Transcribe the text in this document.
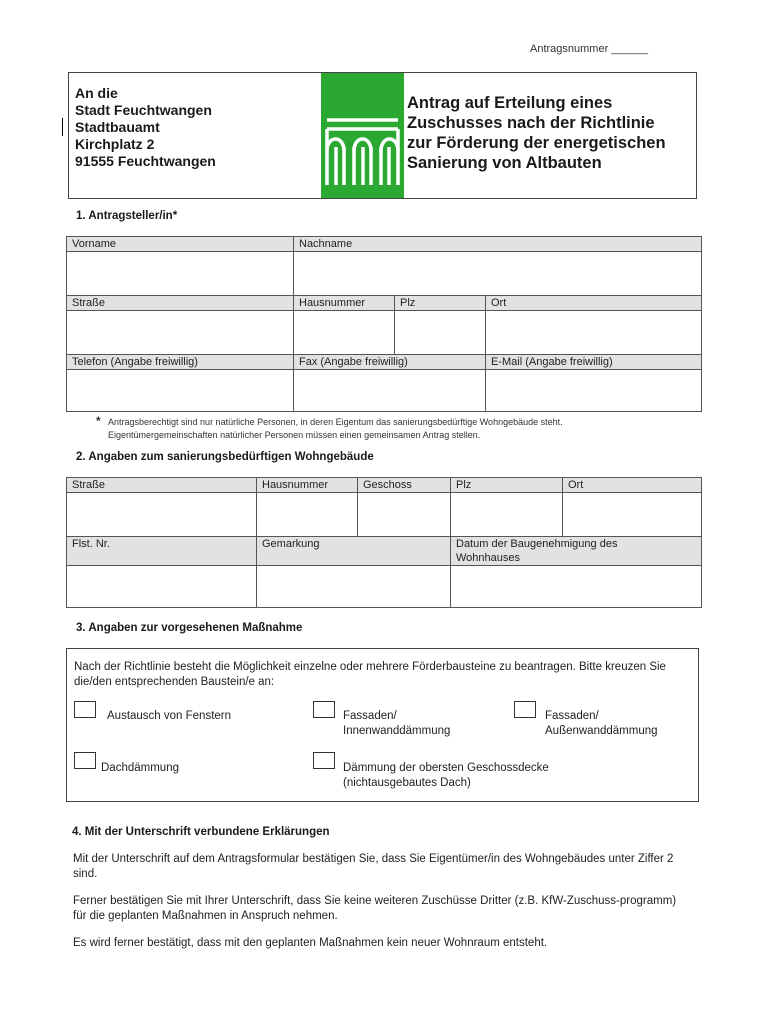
Antragsnummer ______
An die
Stadt Feuchtwangen
Stadtbauamt
Kirchplatz 2
91555 Feuchtwangen
Antrag auf Erteilung eines
Zuschusses nach der Richtlinie
zur Förderung der energetischen
Sanierung von Altbauten
1. Antragsteller/in*
Vorname	Nachname		

Straße	Hausnummer	Plz	Ort

Telefon (Angabe freiwillig)	Fax (Angabe freiwillig)		E-Mail (Angabe freiwillig)

* Antragsberechtigt sind nur natürliche Personen, in deren Eigentum das sanierungsbedürftige Wohngebäude steht.
Eigentümergemeinschaften natürlicher Personen müssen einen gemeinsamen Antrag stellen.
2. Angaben zum sanierungsbedürftigen Wohngebäude
Straße	Hausnummer	Geschoss	Plz	Ort

Flst. Nr.	Gemarkung		Datum der Baugenehmigung des
Wohnhauses	

3. Angaben zur vorgesehenen Maßnahme
Nach der Richtlinie besteht die Möglichkeit einzelne oder mehrere Förderbausteine zu beantragen. Bitte kreuzen Sie die/den entsprechenden Baustein/e an:
Austausch von Fenstern	Fassaden/
Innenwanddämmung
Fassaden/
Außenwanddämmung
Dachdämmung	Dämmung der obersten Geschossdecke
(nichtausgebautes Dach)
4. Mit der Unterschrift verbundene Erklärungen
Mit der Unterschrift auf dem Antragsformular bestätigen Sie, dass Sie Eigentümer/in des Wohngebäudes unter Ziffer 2 sind.
Ferner bestätigen Sie mit Ihrer Unterschrift, dass Sie keine weiteren Zuschüsse Dritter (z.B. KfW-Zuschuss-programm) für die geplanten Maßnahmen in Anspruch nehmen.
Es wird ferner bestätigt, dass mit den geplanten Maßnahmen kein neuer Wohnraum entsteht.
